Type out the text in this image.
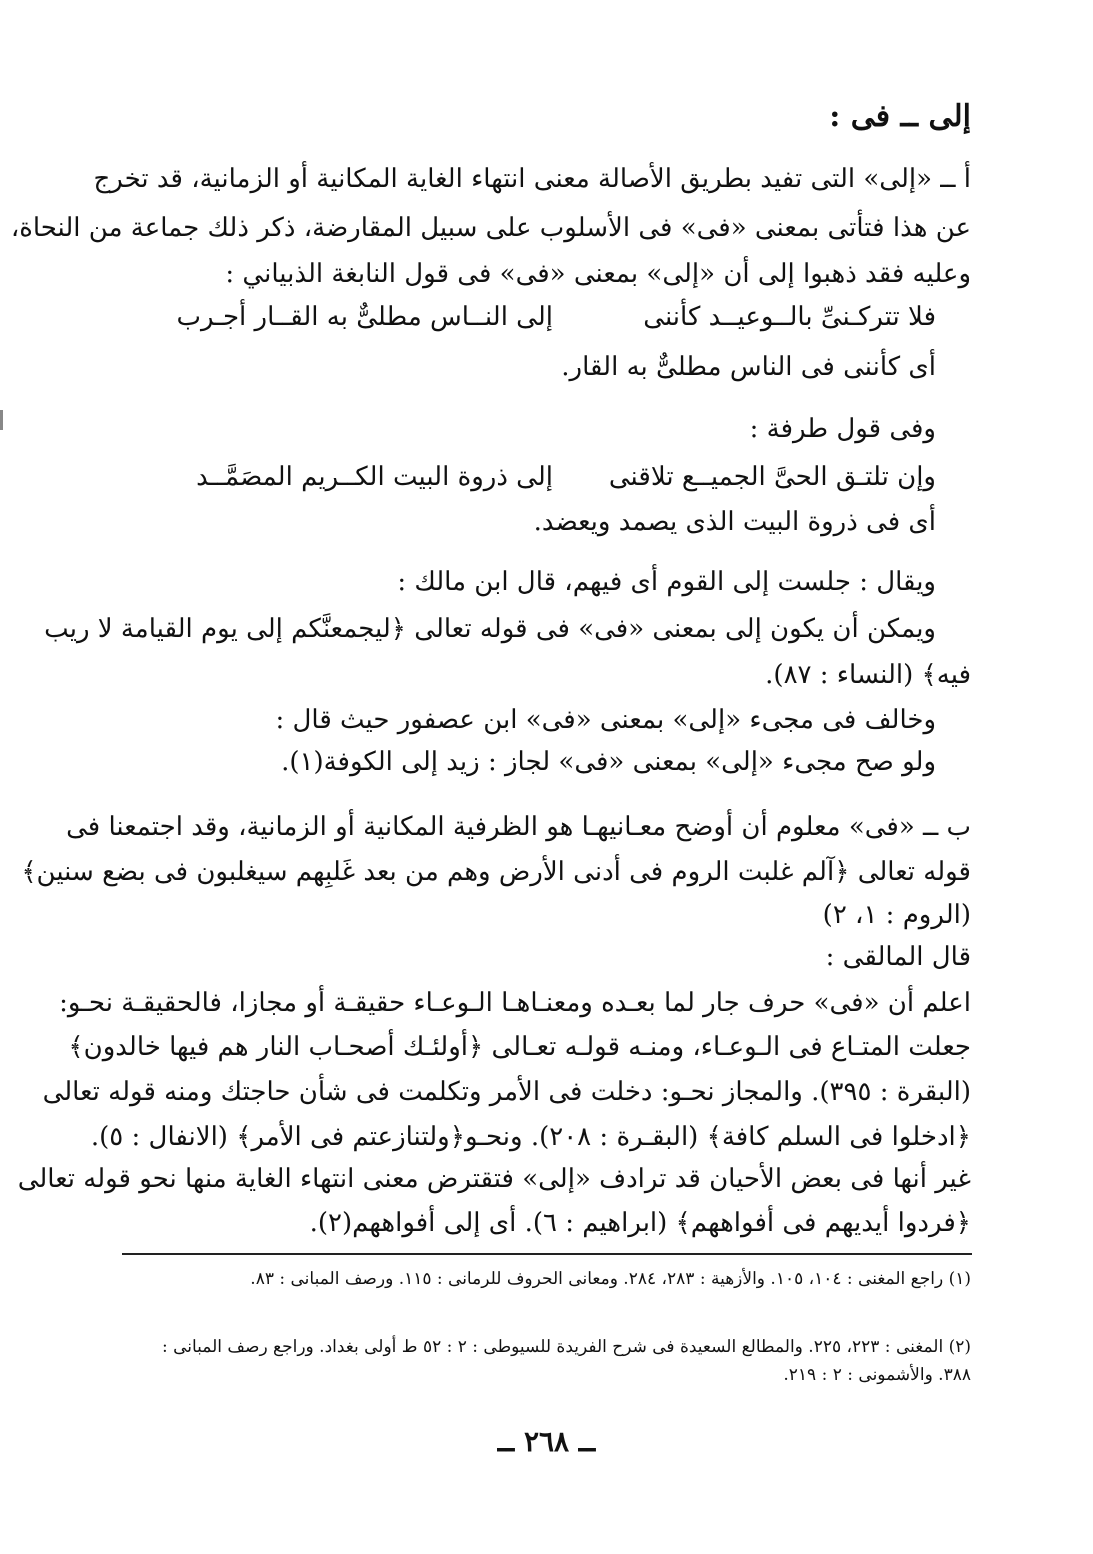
إلى ــ فى :
أ ــ «إلى» التى تفيد بطريق الأصالة معنى انتهاء الغاية المكانية أو الزمانية، قد تخرج
عن هذا فتأتى بمعنى «فى» فى الأسلوب على سبيل المقارضة، ذكر ذلك جماعة من النحاة،
وعليه فقد ذهبوا إلى أن «إلى» بمعنى «فى» فى قول النابغة الذبياني :
فلا تتركـنىِّ بالــوعيــد كأننى
إلى النــاس مطلىٌّ به القــار أجـرب
أى كأننى فى الناس مطلىٌّ به القار.
وفى قول طرفة :
وإن تلتـق الحىَّ الجميــع تلاقنى
إلى ذروة البيت الكــريم المصَمَّــد
أى فى ذروة البيت الذى يصمد ويعضد.
ويقال : جلست إلى القوم أى فيهم، قال ابن مالك :
ويمكن أن يكون إلى بمعنى «فى» فى قوله تعالى ﴿ليجمعنَّكم إلى يوم القيامة لا ريب
فيه﴾ (النساء : ٨٧).
وخالف فى مجىء «إلى» بمعنى «فى» ابن عصفور حيث قال :
ولو صح مجىء «إلى» بمعنى «فى» لجاز : زيد إلى الكوفة(١).
ب ــ «فى» معلوم أن أوضح معـانيهـا هو الظرفية المكانية أو الزمانية، وقد اجتمعنا فى
قوله تعالى ﴿آلم غلبت الروم فى أدنى الأرض وهم من بعد غَلبِهم سيغلبون فى بضع سنين﴾
(الروم : ١، ٢)
قال المالقى :
اعلم أن «فى» حرف جار لما بعـده ومعنـاهـا الـوعـاء حقيقـة أو مجازا، فالحقيقـة نحـو:
جعلت المتـاع فى الـوعـاء، ومنـه قولـه تعـالى ﴿أولئـك أصحـاب النار هم فيها خالدون﴾
(البقرة : ٣٩٥). والمجاز نحـو: دخلت فى الأمر وتكلمت فى شأن حاجتك ومنه قوله تعالى
﴿ادخلوا فى السلم كافة﴾ (البقـرة : ٢٠٨). ونحـو﴿ولتنازعتم فى الأمر﴾ (الانفال : ٥).
غير أنها فى بعض الأحيان قد ترادف «إلى» فتقترض معنى انتهاء الغاية منها نحو قوله تعالى
﴿فردوا أيديهم فى أفواههم﴾ (ابراهيم : ٦). أى إلى أفواههم(٢).
(١) راجع المغنى : ١٠٤، ١٠٥. والأزهية : ٢٨٣، ٢٨٤. ومعانى الحروف للرمانى : ١١٥. ورصف المبانى : ٨٣.
(٢) المغنى : ٢٢٣، ٢٢٥. والمطالع السعيدة فى شرح الفريدة للسيوطى : ٢ : ٥٢ ط أولى بغداد. وراجع رصف المبانى :
٣٨٨. والأشمونى : ٢ : ٢١٩.
ــ ٢٦٨ ــ
